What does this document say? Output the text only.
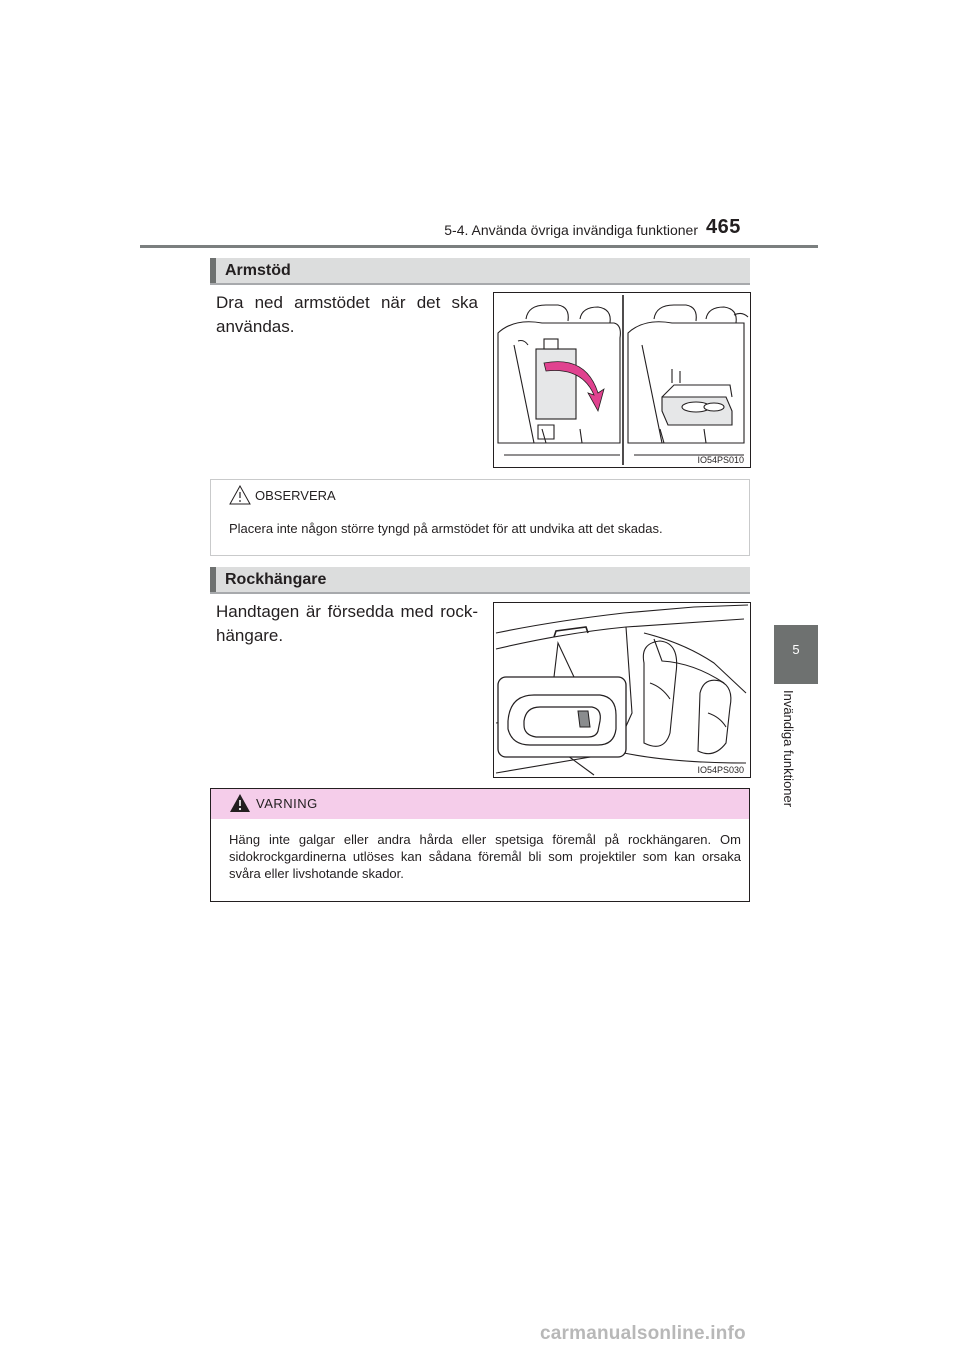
5-4. Använda övriga invändiga funktioner 465
5
Invändiga funktioner
Armstöd
Dra ned armstödet när det ska användas.
IO54PS010
OBSERVERA
Placera inte någon större tyngd på armstödet för att undvika att det skadas.
Rockhängare
Handtagen är försedda med rock-hängare.
IO54PS030
VARNING
Häng inte galgar eller andra hårda eller spetsiga föremål på rockhängaren. Om sidokrockgardinerna utlöses kan sådana föremål bli som projektiler som kan orsaka svåra eller livshotande skador.
carmanualsonline.info
